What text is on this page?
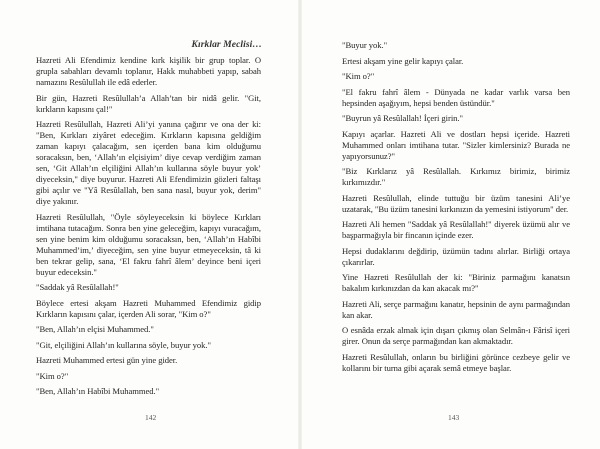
Kırklar Meclisi…

Hazreti Ali Efendimiz kendine kırk kişilik bir grup toplar. O grupla sabahları devamlı toplanır, Hakk muhabbeti yapıp, sabah namazını Resûlullah ile edâ ederler.

Bir gün, Hazreti Resûlullah’a Allah’tan bir nidâ gelir. "Git, kırkların kapısını çal!"

Hazreti Resûlullah, Hazreti Ali’yi yanına çağırır ve ona der ki: "Ben, Kırkları ziyâret edeceğim. Kırkların kapısına geldiğim zaman kapıyı çalacağım, sen içerden bana kim olduğumu soracaksın, ben, ‘Allah’ın elçisiyim’ diye cevap verdiğim zaman sen, ‘Git Allah’ın elçiliğini Allah’ın kullarına söyle buyur yok’ diyeceksin," diye buyurur. Hazreti Ali Efendimizin gözleri faltaşı gibi açılır ve "Yâ Resûlallah, ben sana nasıl, buyur yok, derim" diye yakınır.

Hazreti Resûlullah, "Öyle söyleyeceksin ki böylece Kırkları imtihana tutacağım. Sonra ben yine geleceğim, kapıyı vuracağım, sen yine benim kim olduğumu soracaksın, ben, ‘Allah’ın Habîbi Muhammed’im,’ diyeceğim, sen yine buyur etmeyeceksin, tâ ki ben tekrar gelip, sana, ‘El fakru fahrî âlem’ deyince beni içeri buyur edeceksin."

"Saddak yâ Resûlallah!"

Böylece ertesi akşam Hazreti Muhammed Efendimiz gidip Kırkların kapısını çalar, içerden Ali sorar, "Kim o?"

"Ben, Allah’ın elçisi Muhammed."

"Git, elçiliğini Allah’ın kullarına söyle, buyur yok."

Hazreti Muhammed ertesi gün yine gider.

"Kim o?"

"Ben, Allah’ın Habîbi Muhammed."

142

"Buyur yok."

Ertesi akşam yine gelir kapıyı çalar.

"Kim o?"

"El fakru fahrî âlem - Dünyada ne kadar varlık varsa ben hepsinden aşağıyım, hepsi benden üstündür."

"Buyrun yâ Resûlallah! İçeri girin."

Kapıyı açarlar. Hazreti Ali ve dostları hepsi içeride. Hazreti Muhammed onları imtihana tutar. "Sizler kimlersiniz? Burada ne yapıyorsunuz?"

"Biz Kırklarız yâ Resûlallah. Kırkımız birimiz, birimiz kırkımızdır."

Hazreti Resûlullah, elinde tuttuğu bir üzüm tanesini Ali’ye uzatarak, "Bu üzüm tanesini kırkınızın da yemesini istiyorum" der.

Hazreti Ali hemen "Saddak yâ Resûlallah!" diyerek üzümü alır ve başparmağıyla bir fincanın içinde ezer.

Hepsi dudaklarını değdirip, üzümün tadını alırlar. Birliği ortaya çıkarırlar.

Yine Hazreti Resûlullah der ki: "Biriniz parmağını kanatsın bakalım kırkınızdan da kan akacak mı?"

Hazreti Ali, serçe parmağını kanatır, hepsinin de aynı parmağından kan akar.

O esnâda erzak almak için dışarı çıkmış olan Selmân-ı Fârisî içeri girer. Onun da serçe parmağından kan akmaktadır.

Hazreti Resûlullah, onların bu birliğini görünce cezbeye gelir ve kollarını bir turna gibi açarak semâ etmeye başlar.

143
